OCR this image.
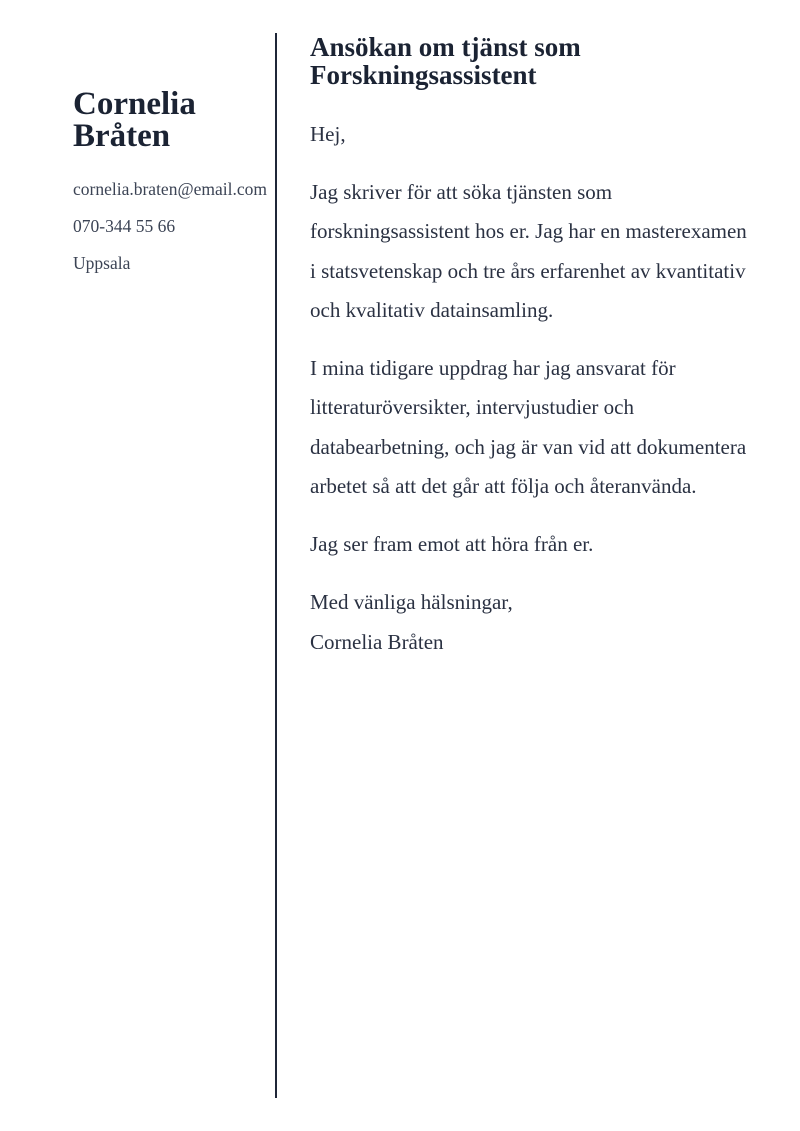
Cornelia
Bråten
cornelia.braten@email.com
070-344 55 66
Uppsala
Ansökan om tjänst som
Forskningsassistent

Hej,

Jag skriver för att söka tjänsten som forskningsassistent hos er. Jag har en masterexamen i statsvetenskap och tre års erfarenhet av kvantitativ och kvalitativ datainsamling.

I mina tidigare uppdrag har jag ansvarat för litteraturöversikter, intervjustudier och databearbetning, och jag är van vid att dokumentera arbetet så att det går att följa och återanvända.

Jag ser fram emot att höra från er.

Med vänliga hälsningar,
Cornelia Bråten
